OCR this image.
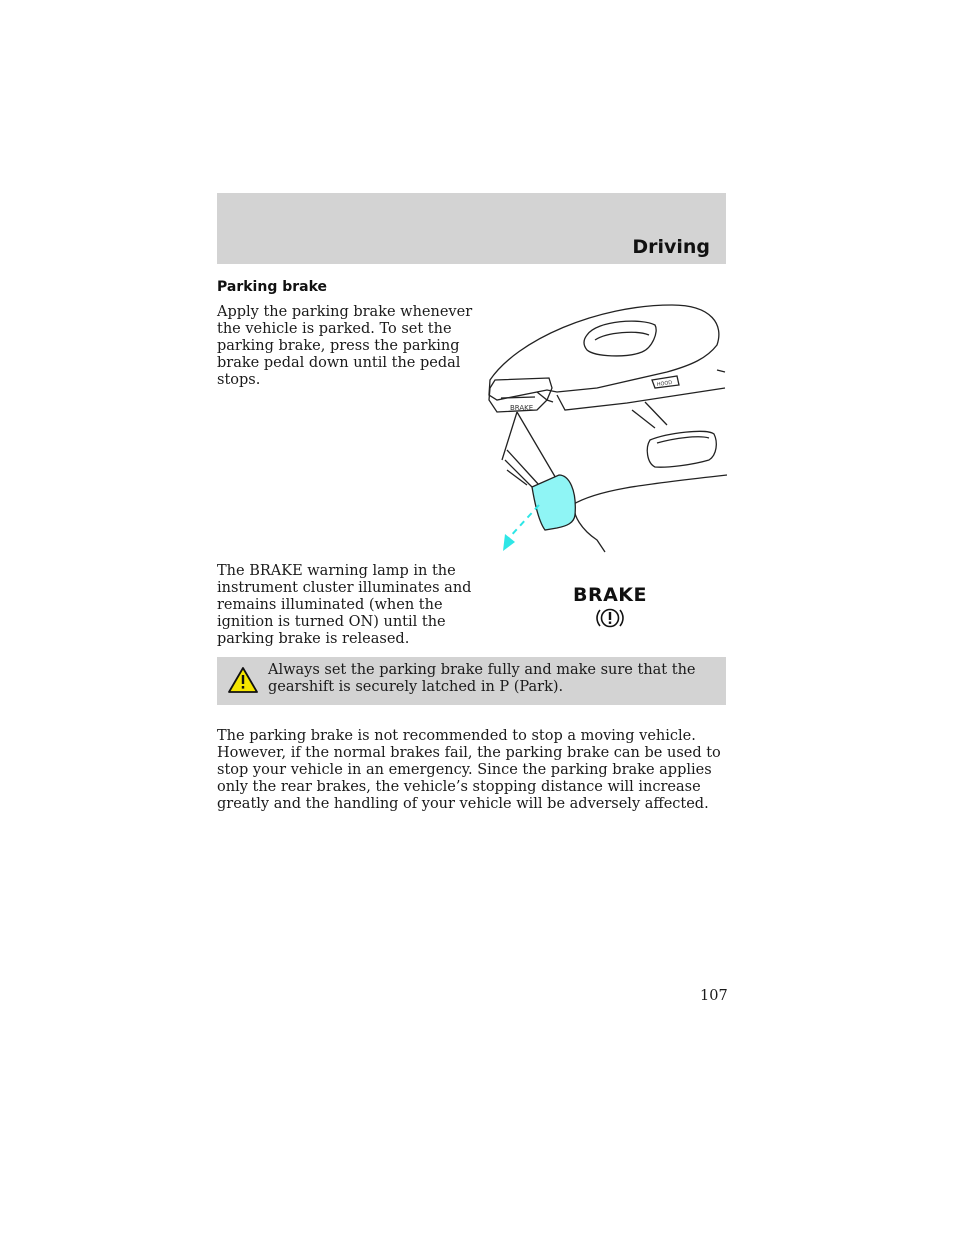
Driving
Parking brake
Apply the parking brake whenever the vehicle is parked. To set the parking brake, press the parking brake pedal down until the pedal stops.
BRAKE
HOOD
The BRAKE warning lamp in the instrument cluster illuminates and remains illuminated (when the ignition is turned ON) until the parking brake is released.
BRAKE
Always set the parking brake fully and make sure that the gearshift is securely latched in P (Park).
The parking brake is not recommended to stop a moving vehicle. However, if the normal brakes fail, the parking brake can be used to stop your vehicle in an emergency. Since the parking brake applies only the rear brakes, the vehicle’s stopping distance will increase greatly and the handling of your vehicle will be adversely affected.
107
